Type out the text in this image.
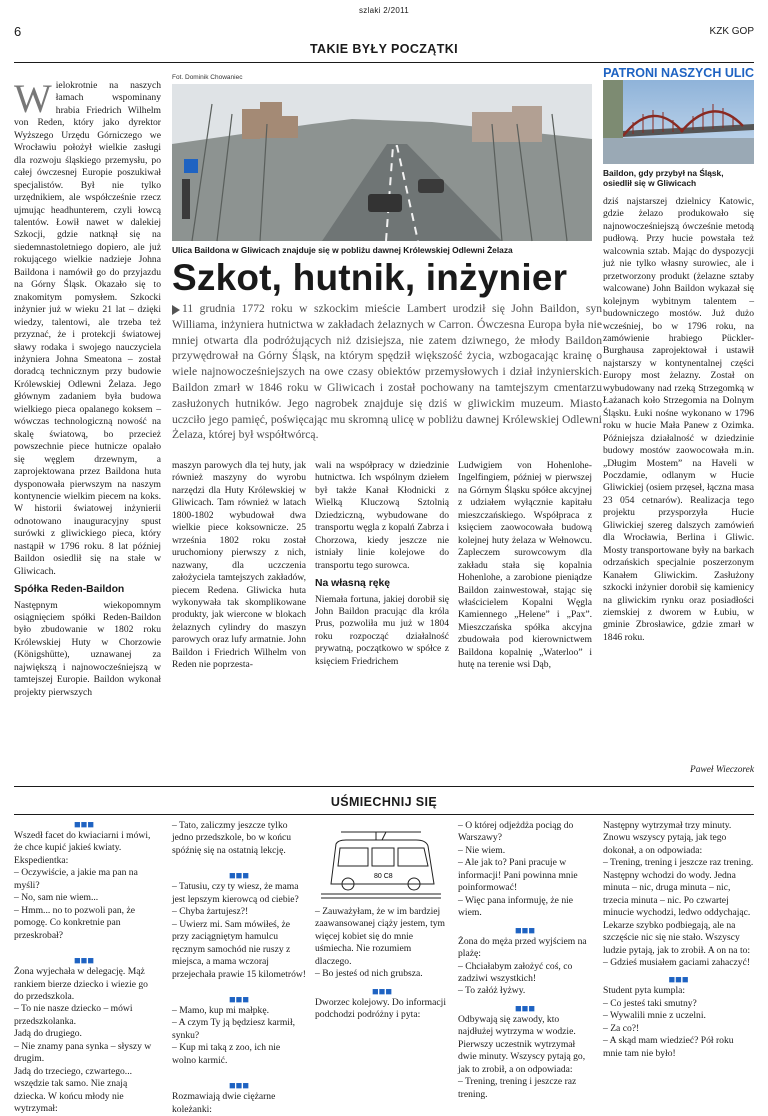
szlaki 2/2011
6	KZK GOP
TAKIE BYŁY POCZĄTKI
PATRONI NASZYCH ULIC
W ielokrotnie na naszych łamach wspominany hrabia Friedrich Wilhelm von Reden, który jako dyrektor Wyższego Urzędu Górniczego we Wrocławiu położył wielkie zasługi dla rozwoju śląskiego przemysłu, po całej ówczesnej Europie poszukiwał specjalistów. Był nie tylko urzędnikiem, ale współcześnie rzecz ujmując headhunterem, czyli łowcą talentów. Łowił nawet w dalekiej Szkocji, gdzie natknął się na siedemnastoletniego dopiero, ale już rokującego wielkie nadzieje Johna Baildona i namówił go do przyjazdu na Górny Śląsk. Okazało się to znakomitym pomysłem. Szkocki inżynier już w wieku 21 lat – dzięki wiedzy, talentowi, ale trzeba też przyznać, że i protekcji światowej sławy rodaka i swojego nauczyciela inżyniera Johna Smeatona – został doradcą technicznym przy budowie Królewskiej Odlewni Żelaza. Jego głównym zadaniem była budowa wielkiego pieca opalanego koksem – wówczas technologiczną nowość na skalę światową, bo przecież powszechnie piece hutnicze opalało się węglem drzewnym, a zaprojektowana przez Baildona huta dysponowała pierwszym na naszym kontynencie wielkim piecem na koks. W historii światowej inżynierii odnotowano inauguracyjny spust surówki z gliwickiego pieca, który nastąpił w 1796 roku. 8 lat później Baildon osiedlił się na stałe w Gliwicach.

Spółka Reden-Baildon

Następnym wiekopomnym osiągnięciem spółki Reden-Baildon było zbudowanie w 1802 roku Królewskiej Huty w Chorzowie (Königshütte), uznawanej za największą i najnowocześniejszą w tamtejszej Europie. Baildon wykonał projekty pierwszych

Fot. Dominik Chowaniec
Ulica Baildona w Gliwicach znajduje się w pobliżu dawnej Królewskiej Odlewni Żelaza
Szkot, hutnik, inżynier
11 grudnia 1772 roku w szkockim mieście Lambert urodził się John Baildon, syn Williama, inżyniera hutnictwa w zakładach żelaznych w Carron. Ówczesna Europa była nie mniej otwarta dla podróżujących niż dzisiejsza, nie zatem dziwnego, że młody Baildon przywędrował na Górny Śląsk, na którym spędził większość życia, wzbogacając krainę o wiele najnowocześniejszych na owe czasy obiektów przemysłowych i dział inżynierskich. Baildon zmarł w 1846 roku w Gliwicach i został pochowany na tamtejszym cmentarzu zasłużonych hutników. Jego nagrobek znajduje się dziś w gliwickim muzeum. Miasto uczciło jego pamięć, poświęcając mu skromną ulicę w pobliżu dawnej Królewskiej Odlewni Żelaza, której był współtwórcą.

maszyn parowych dla tej huty, jak również maszyny do wyrobu narzędzi dla Huty Królewskiej w Gliwicach. Tam również w latach 1800-1802 wybudował dwa wielkie piece koksownicze. 25 września 1802 roku został uruchomiony pierwszy z nich, nazwany, dla uczczenia założyciela tamtejszych zakładów, piecem Redena. Gliwicka huta wykonywała tak skomplikowane produkty, jak wiercone w blokach żelaznych cylindry do maszyn parowych oraz lufy armatnie. John Baildon i Friedrich Wilhelm von Reden nie poprzesta-

wali na współpracy w dziedzinie hutnictwa. Ich wspólnym dziełem był także Kanał Kłodnicki z Wielką Kluczową Sztolnią Dziedziczną, wybudowane do transportu węgla z kopalń Zabrza i Chorzowa, kiedy jeszcze nie istniały linie kolejowe do transportu tego surowca.

Na własną rękę

Niemała fortuna, jakiej dorobił się John Baildon pracując dla króla Prus, pozwoliła mu już w 1804 roku rozpocząć działalność prywatną, początkowo w spółce z księciem Friedrichem

Ludwigiem von Hohenlohe-Ingelfingiem, później w pierwszej na Górnym Śląsku spółce akcyjnej z udziałem wyłącznie kapitału mieszczańskiego. Współpraca z księciem zaowocowała budową kolejnej huty żelaza w Wełnowcu. Zapleczem surowcowym dla zakładu stała się kopalnia Hohenlohe, a zarobione pieniądze Baildon zainwestował, stając się właścicielem Kopalni Węgla Kamiennego „Helene” i „Pax”. Mieszczańska spółka akcyjna zbudowała pod kierownictwem Baildona kopalnię „Waterloo” i hutę na terenie wsi Dąb,

Baildon, gdy przybył na Śląsk, osiedlił się w Gliwicach

dziś najstarszej dzielnicy Katowic, gdzie żelazo produkowało się najnowocześniejszą ówcześnie metodą pudłową. Przy hucie powstała też walcownia sztab. Mając do dyspozycji już nie tylko własny surowiec, ale i przetworzony produkt (żelazne sztaby walcowane) John Baildon wykazał się kolejnym wybitnym talentem – budowniczego mostów. Już dużo wcześniej, bo w 1796 roku, na zamówienie hrabiego Pückler-Burghausa zaprojektował i ustawił najstarszy w kontynentalnej części Europy most żelazny. Został on wybudowany nad rzeką Strzegomką w Łażanach koło Strzegomia na Dolnym Śląsku. Łuki nośne wykonano w 1796 roku w hucie Mała Panew z Ozimka. Późniejsza działalność w dziedzinie budowy mostów zaowocowała m.in. „Długim Mostem” na Haveli w Poczdamie, odlanym w Hucie Gliwickiej (osiem przęseł, łączna masa 23 054 cetnarów). Realizacja tego projektu przysporzyła Hucie Gliwickiej szereg dalszych zamówień dla Wrocławia, Berlina i Gliwic. Mosty transportowane były na barkach odrzańskich specjalnie poszerzonym Kanałem Gliwickim. Zasłużony szkocki inżynier dorobił się kamienicy na gliwickim rynku oraz posiadłości ziemskiej z dworem w Łubiu, w gminie Zbrosławice, gdzie zmarł w 1846 roku.

Paweł Wieczorek
UŚMIECHNIJ SIĘ
■■■

Wszedł facet do kwiaciarni i mówi, że chce kupić jakieś kwiaty.
Ekspedientka:
– Oczywiście, a jakie ma pan na myśli?
– No, sam nie wiem...
– Hmm... no to pozwoli pan, że pomogę. Co konkretnie pan przeskrobał?

■■■

Żona wyjechała w delegację. Mąż rankiem bierze dziecko i wiezie go do przedszkola.
– To nie nasze dziecko – mówi przedszkolanka.
Jadą do drugiego.
– Nie znamy pana synka – słyszy w drugim.
Jadą do trzeciego, czwartego... wszędzie tak samo. Nie znają dziecka. W końcu młody nie wytrzymał:

– Tato, zaliczmy jeszcze tylko jedno przedszkole, bo w końcu spóźnię się na ostatnią lekcję.

■■■

– Tatusiu, czy ty wiesz, że mama jest lepszym kierowcą od ciebie?
– Chyba żartujesz?!
– Uwierz mi. Sam mówiłeś, że przy zaciągniętym hamulcu ręcznym samochód nie ruszy z miejsca, a mama wczoraj przejechała prawie 15 kilometrów!

■■■

– Mamo, kup mi małpkę.
– A czym Ty ją będziesz karmił, synku?
– Kup mi taką z zoo, ich nie wolno karmić.

■■■

Rozmawiają dwie ciężarne koleżanki:

80 C8

– Zauważyłam, że w im bardziej zaawansowanej ciąży jestem, tym więcej kobiet się do mnie uśmiecha. Nie rozumiem dlaczego.
– Bo jesteś od nich grubsza.

■■■

Dworzec kolejowy. Do informacji podchodzi podróżny i pyta:

– O której odjeżdża pociąg do Warszawy?
– Nie wiem.
– Ale jak to? Pani pracuje w informacji! Pani powinna mnie poinformować!
– Więc pana informuję, że nie wiem.

■■■

Żona do męża przed wyjściem na plażę:
– Chciałabym założyć coś, co zadziwi wszystkich!
– To załóż łyżwy.

■■■

Odbywają się zawody, kto najdłużej wytrzyma w wodzie. Pierwszy uczestnik wytrzymał dwie minuty. Wszyscy pytają go, jak to zrobił, a on odpowiada:
– Trening, trening i jeszcze raz trening.

Następny wytrzymał trzy minuty. Znowu wszyscy pytają, jak tego dokonał, a on odpowiada:
– Trening, trening i jeszcze raz trening.
Następny wchodzi do wody. Jedna minuta – nic, druga minuta – nic, trzecia minuta – nic. Po czwartej minucie wychodzi, ledwo oddychając. Lekarze szybko podbiegają, ale na szczęście nic się nie stało. Wszyscy ludzie pytają, jak to zrobił. A on na to:
– Gdzieś musiałem gaciami zahaczyć!

■■■

Student pyta kumpla:
– Co jesteś taki smutny?
– Wywalili mnie z uczelni.
– Za co?!
– A skąd mam wiedzieć? Pół roku mnie tam nie było!
